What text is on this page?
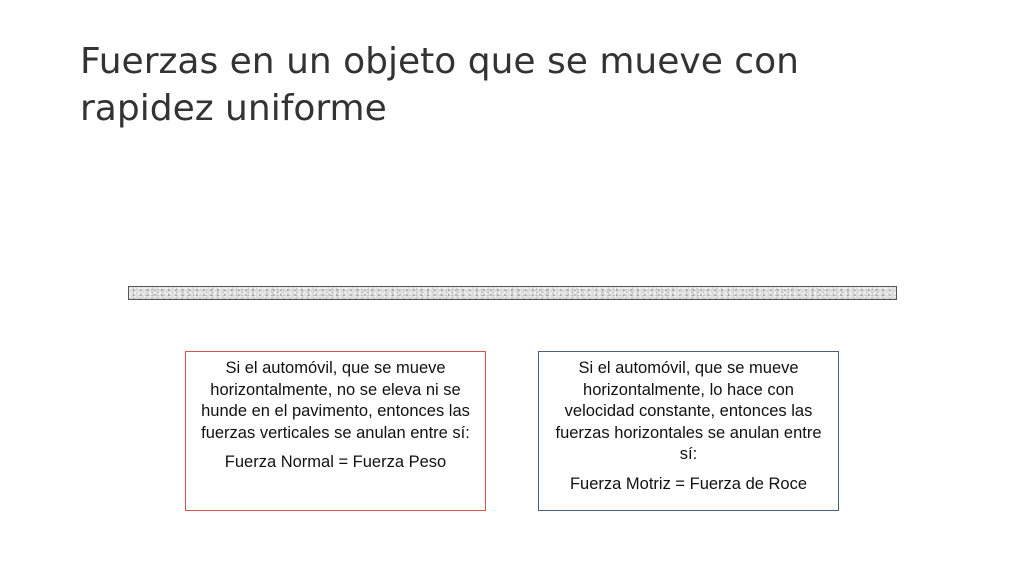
Fuerzas en un objeto que se mueve con rapidez uniforme

Si el automóvil, que se mueve horizontalmente, no se eleva ni se hunde en el pavimento, entonces las fuerzas verticales se anulan entre sí:

Fuerza Normal = Fuerza Peso

Si el automóvil, que se mueve horizontalmente, lo hace con velocidad constante, entonces las fuerzas horizontales se anulan entre sí:

Fuerza Motriz = Fuerza de Roce
